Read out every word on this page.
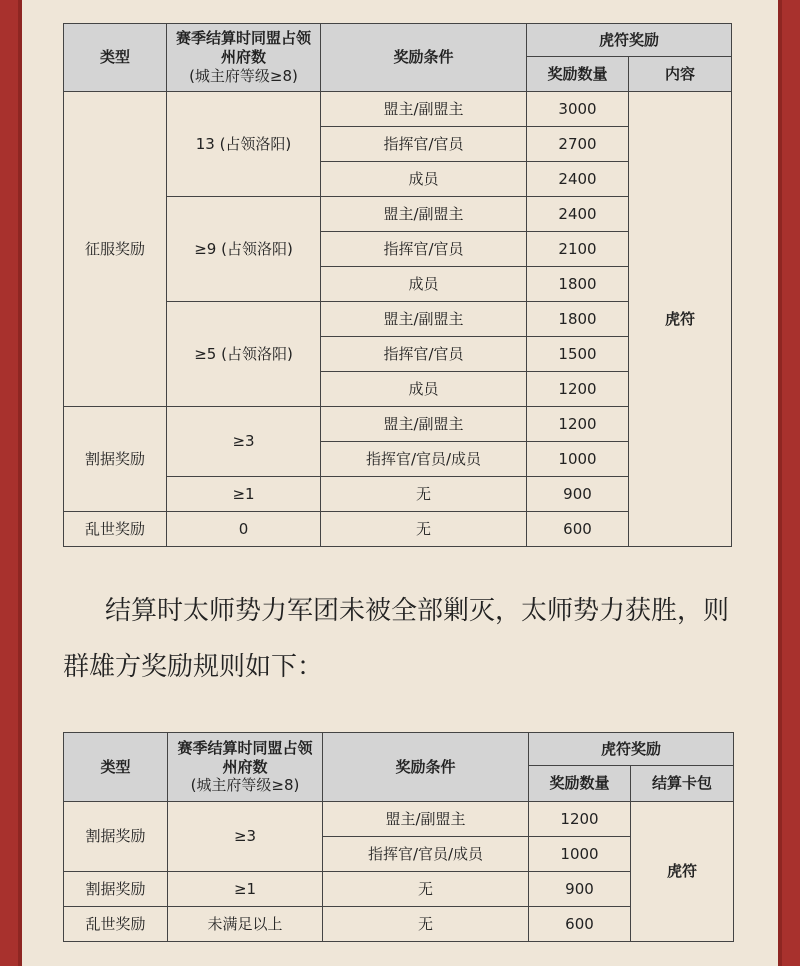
类型	赛季结算时同盟占领
州府数
(城主府等级≥8)	奖励条件	虎符奖励	
			奖励数量	内容
征服奖励	13 (占领洛阳)	盟主/副盟主	3000	虎符
		指挥官/官员	2700	
		成员	2400	
	≥9 (占领洛阳)	盟主/副盟主	2400	
		指挥官/官员	2100	
		成员	1800	
	≥5 (占领洛阳)	盟主/副盟主	1800	
		指挥官/官员	1500	
		成员	1200	
割据奖励	≥3	盟主/副盟主	1200	
		指挥官/官员/成员	1000	
	≥1	无	900	
乱世奖励	0	无	600	

结算时太师势力军团未被全部剿灭，太师势力获胜，则
群雄方奖励规则如下：

类型	赛季结算时同盟占领
州府数
(城主府等级≥8)	奖励条件	虎符奖励	
			奖励数量	结算卡包
割据奖励	≥3	盟主/副盟主	1200	虎符
		指挥官/官员/成员	1000	
割据奖励	≥1	无	900	
乱世奖励	未满足以上	无	600	
